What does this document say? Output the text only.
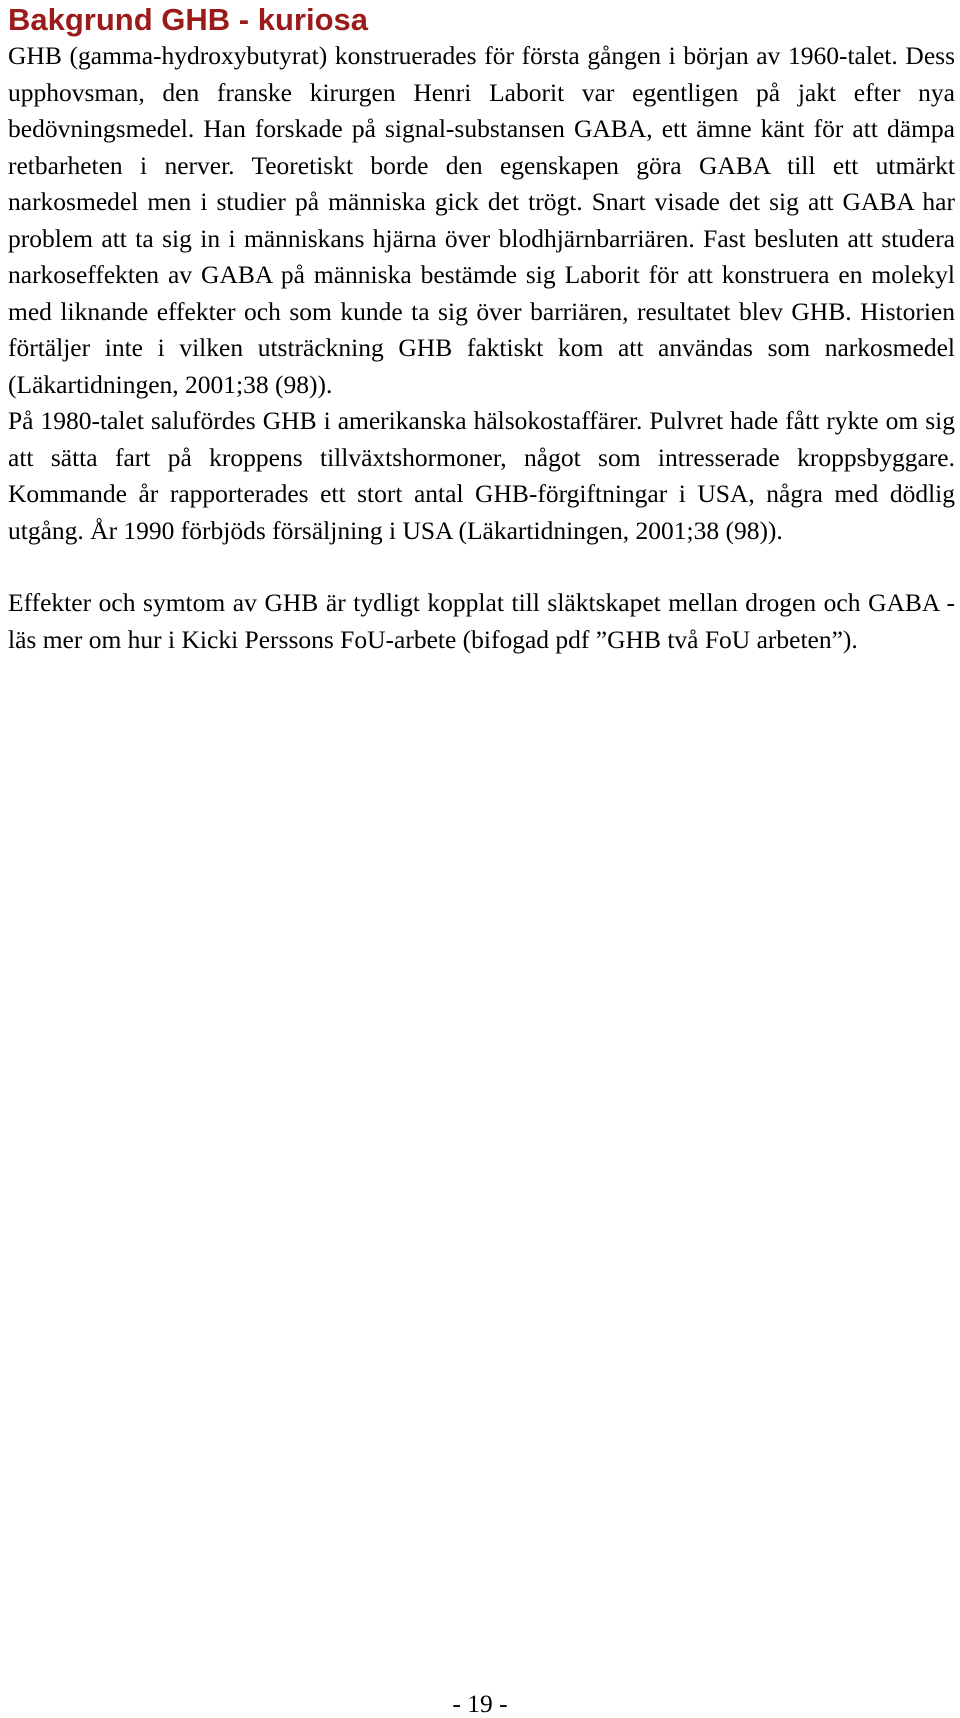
Bakgrund GHB - kuriosa

GHB (gamma-hydroxybutyrat) konstruerades för första gången i början av 1960-talet. Dess upphovsman, den franske kirurgen Henri Laborit var egentligen på jakt efter nya bedövningsmedel. Han forskade på signal-substansen GABA, ett ämne känt för att dämpa retbarheten i nerver. Teoretiskt borde den egenskapen göra GABA till ett utmärkt narkosmedel men i studier på människa gick det trögt. Snart visade det sig att GABA har problem att ta sig in i människans hjärna över blodhjärnbarriären. Fast besluten att studera narkoseffekten av GABA på människa bestämde sig Laborit för att konstruera en molekyl med liknande effekter och som kunde ta sig över barriären, resultatet blev GHB. Historien förtäljer inte i vilken utsträckning GHB faktiskt kom att användas som narkosmedel (Läkartidningen, 2001;38 (98)).

På 1980-talet salufördes GHB i amerikanska hälsokostaffärer. Pulvret hade fått rykte om sig att sätta fart på kroppens tillväxtshormoner, något som intresserade kroppsbyggare. Kommande år rapporterades ett stort antal GHB-förgiftningar i USA, några med dödlig utgång. År 1990 förbjöds försäljning i USA (Läkartidningen, 2001;38 (98)).

Effekter och symtom av GHB är tydligt kopplat till släktskapet mellan drogen och GABA - läs mer om hur i Kicki Perssons FoU-arbete (bifogad pdf ”GHB två FoU arbeten”).

- 19 -
